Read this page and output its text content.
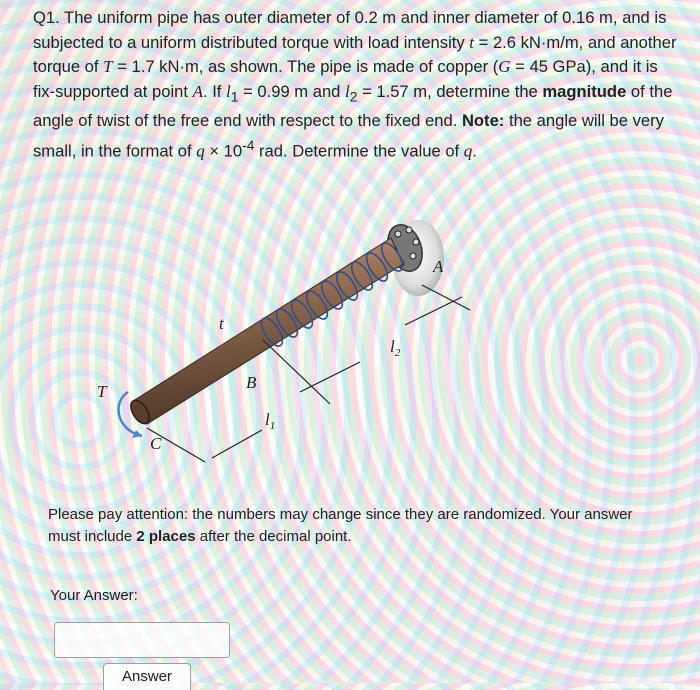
Q1. The uniform pipe has outer diameter of 0.2 m and inner diameter of 0.16 m, and is subjected to a uniform distributed torque with load intensity t = 2.6 kN·m/m, and another torque of T = 1.7 kN·m, as shown. The pipe is made of copper (G = 45 GPa), and it is fix-supported at point A. If $l_1 = 0.99$ m and $l_2 = 1.57$ m, determine the magnitude of the angle of twist of the free end with respect to the fixed end. Note: the angle will be very small, in the format of $q \times 10^{-4}$ rad. Determine the value of q.
A
B
C
T
t
$l_1$
$l_2$
Please pay attention: the numbers may change since they are randomized. Your answer must include 2 places after the decimal point.
Your Answer:
Answer
